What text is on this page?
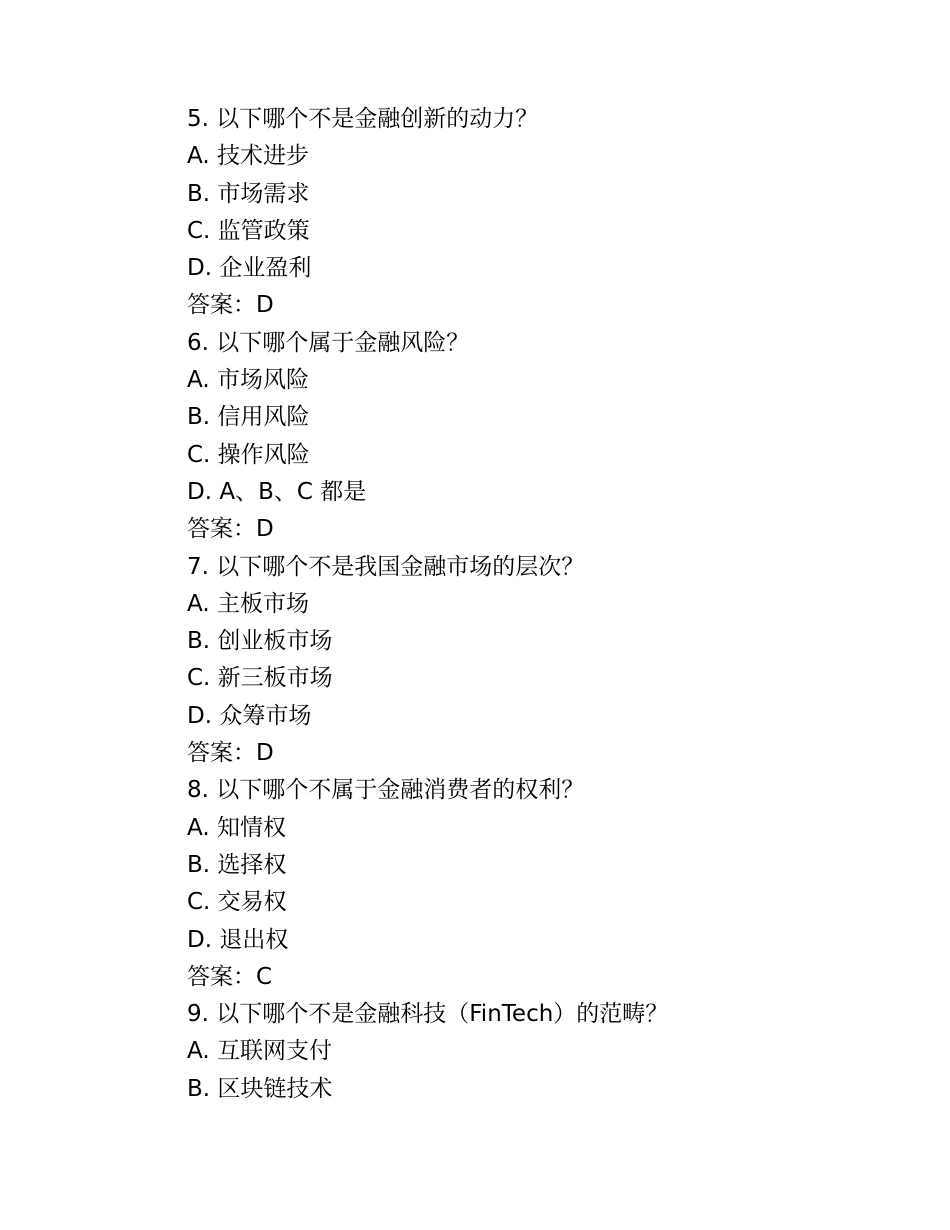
5. 以下哪个不是金融创新的动力？
A. 技术进步
B. 市场需求
C. 监管政策
D. 企业盈利
答案：D
6. 以下哪个属于金融风险？
A. 市场风险
B. 信用风险
C. 操作风险
D. A、B、C 都是
答案：D
7. 以下哪个不是我国金融市场的层次？
A. 主板市场
B. 创业板市场
C. 新三板市场
D. 众筹市场
答案：D
8. 以下哪个不属于金融消费者的权利？
A. 知情权
B. 选择权
C. 交易权
D. 退出权
答案：C
9. 以下哪个不是金融科技（FinTech）的范畴？
A. 互联网支付
B. 区块链技术
